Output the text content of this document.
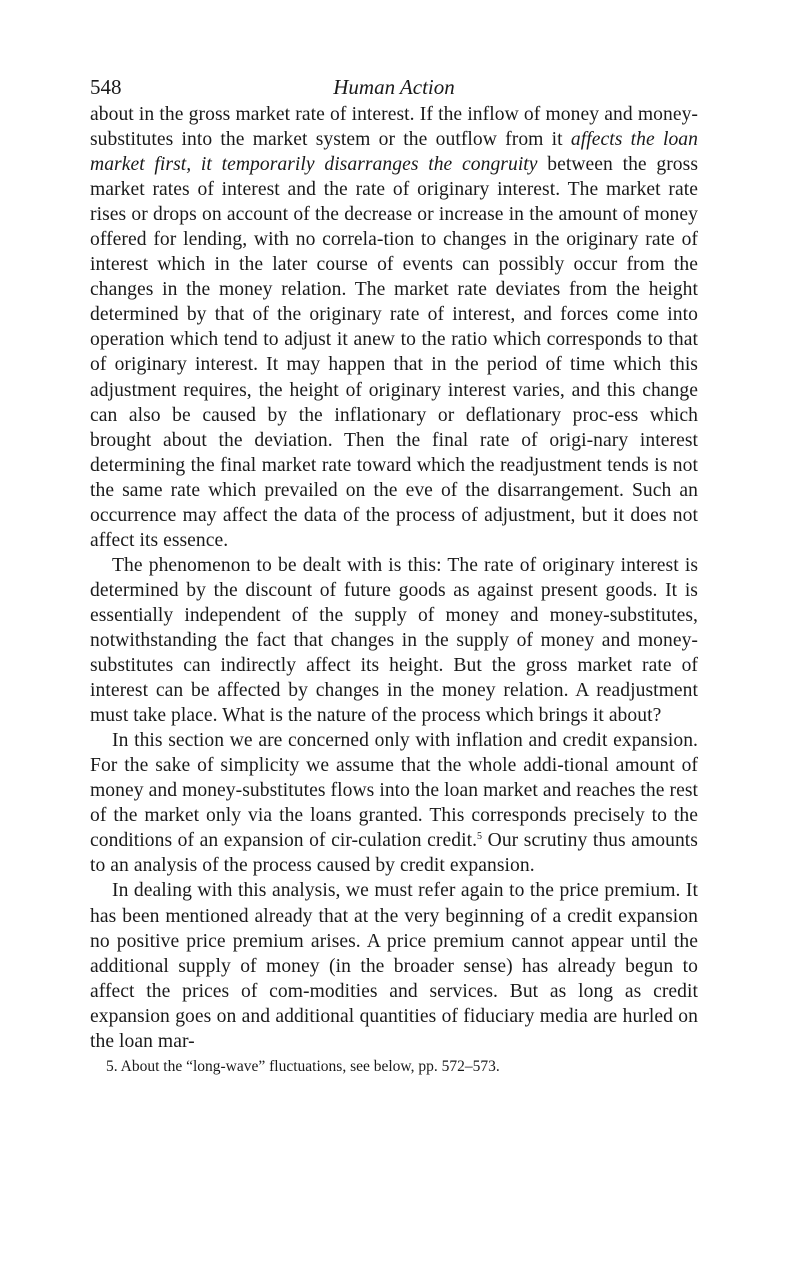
548	Human Action

about in the gross market rate of interest. If the inflow of money and money-substitutes into the market system or the outflow from it affects the loan market first, it temporarily disarranges the congruity between the gross market rates of interest and the rate of originary interest. The market rate rises or drops on account of the decrease or increase in the amount of money offered for lending, with no correla-tion to changes in the originary rate of interest which in the later course of events can possibly occur from the changes in the money relation. The market rate deviates from the height determined by that of the originary rate of interest, and forces come into operation which tend to adjust it anew to the ratio which corresponds to that of originary interest. It may happen that in the period of time which this adjustment requires, the height of originary interest varies, and this change can also be caused by the inflationary or deflationary proc-ess which brought about the deviation. Then the final rate of origi-nary interest determining the final market rate toward which the readjustment tends is not the same rate which prevailed on the eve of the disarrangement. Such an occurrence may affect the data of the process of adjustment, but it does not affect its essence.

The phenomenon to be dealt with is this: The rate of originary interest is determined by the discount of future goods as against present goods. It is essentially independent of the supply of money and money-substitutes, notwithstanding the fact that changes in the supply of money and money-substitutes can indirectly affect its height. But the gross market rate of interest can be affected by changes in the money relation. A readjustment must take place. What is the nature of the process which brings it about?

In this section we are concerned only with inflation and credit expansion. For the sake of simplicity we assume that the whole addi-tional amount of money and money-substitutes flows into the loan market and reaches the rest of the market only via the loans granted. This corresponds precisely to the conditions of an expansion of cir-culation credit.$^5$ Our scrutiny thus amounts to an analysis of the process caused by credit expansion.

In dealing with this analysis, we must refer again to the price premium. It has been mentioned already that at the very beginning of a credit expansion no positive price premium arises. A price premium cannot appear until the additional supply of money (in the broader sense) has already begun to affect the prices of com-modities and services. But as long as credit expansion goes on and additional quantities of fiduciary media are hurled on the loan mar-

5. About the “long-wave” fluctuations, see below, pp. 572–573.
